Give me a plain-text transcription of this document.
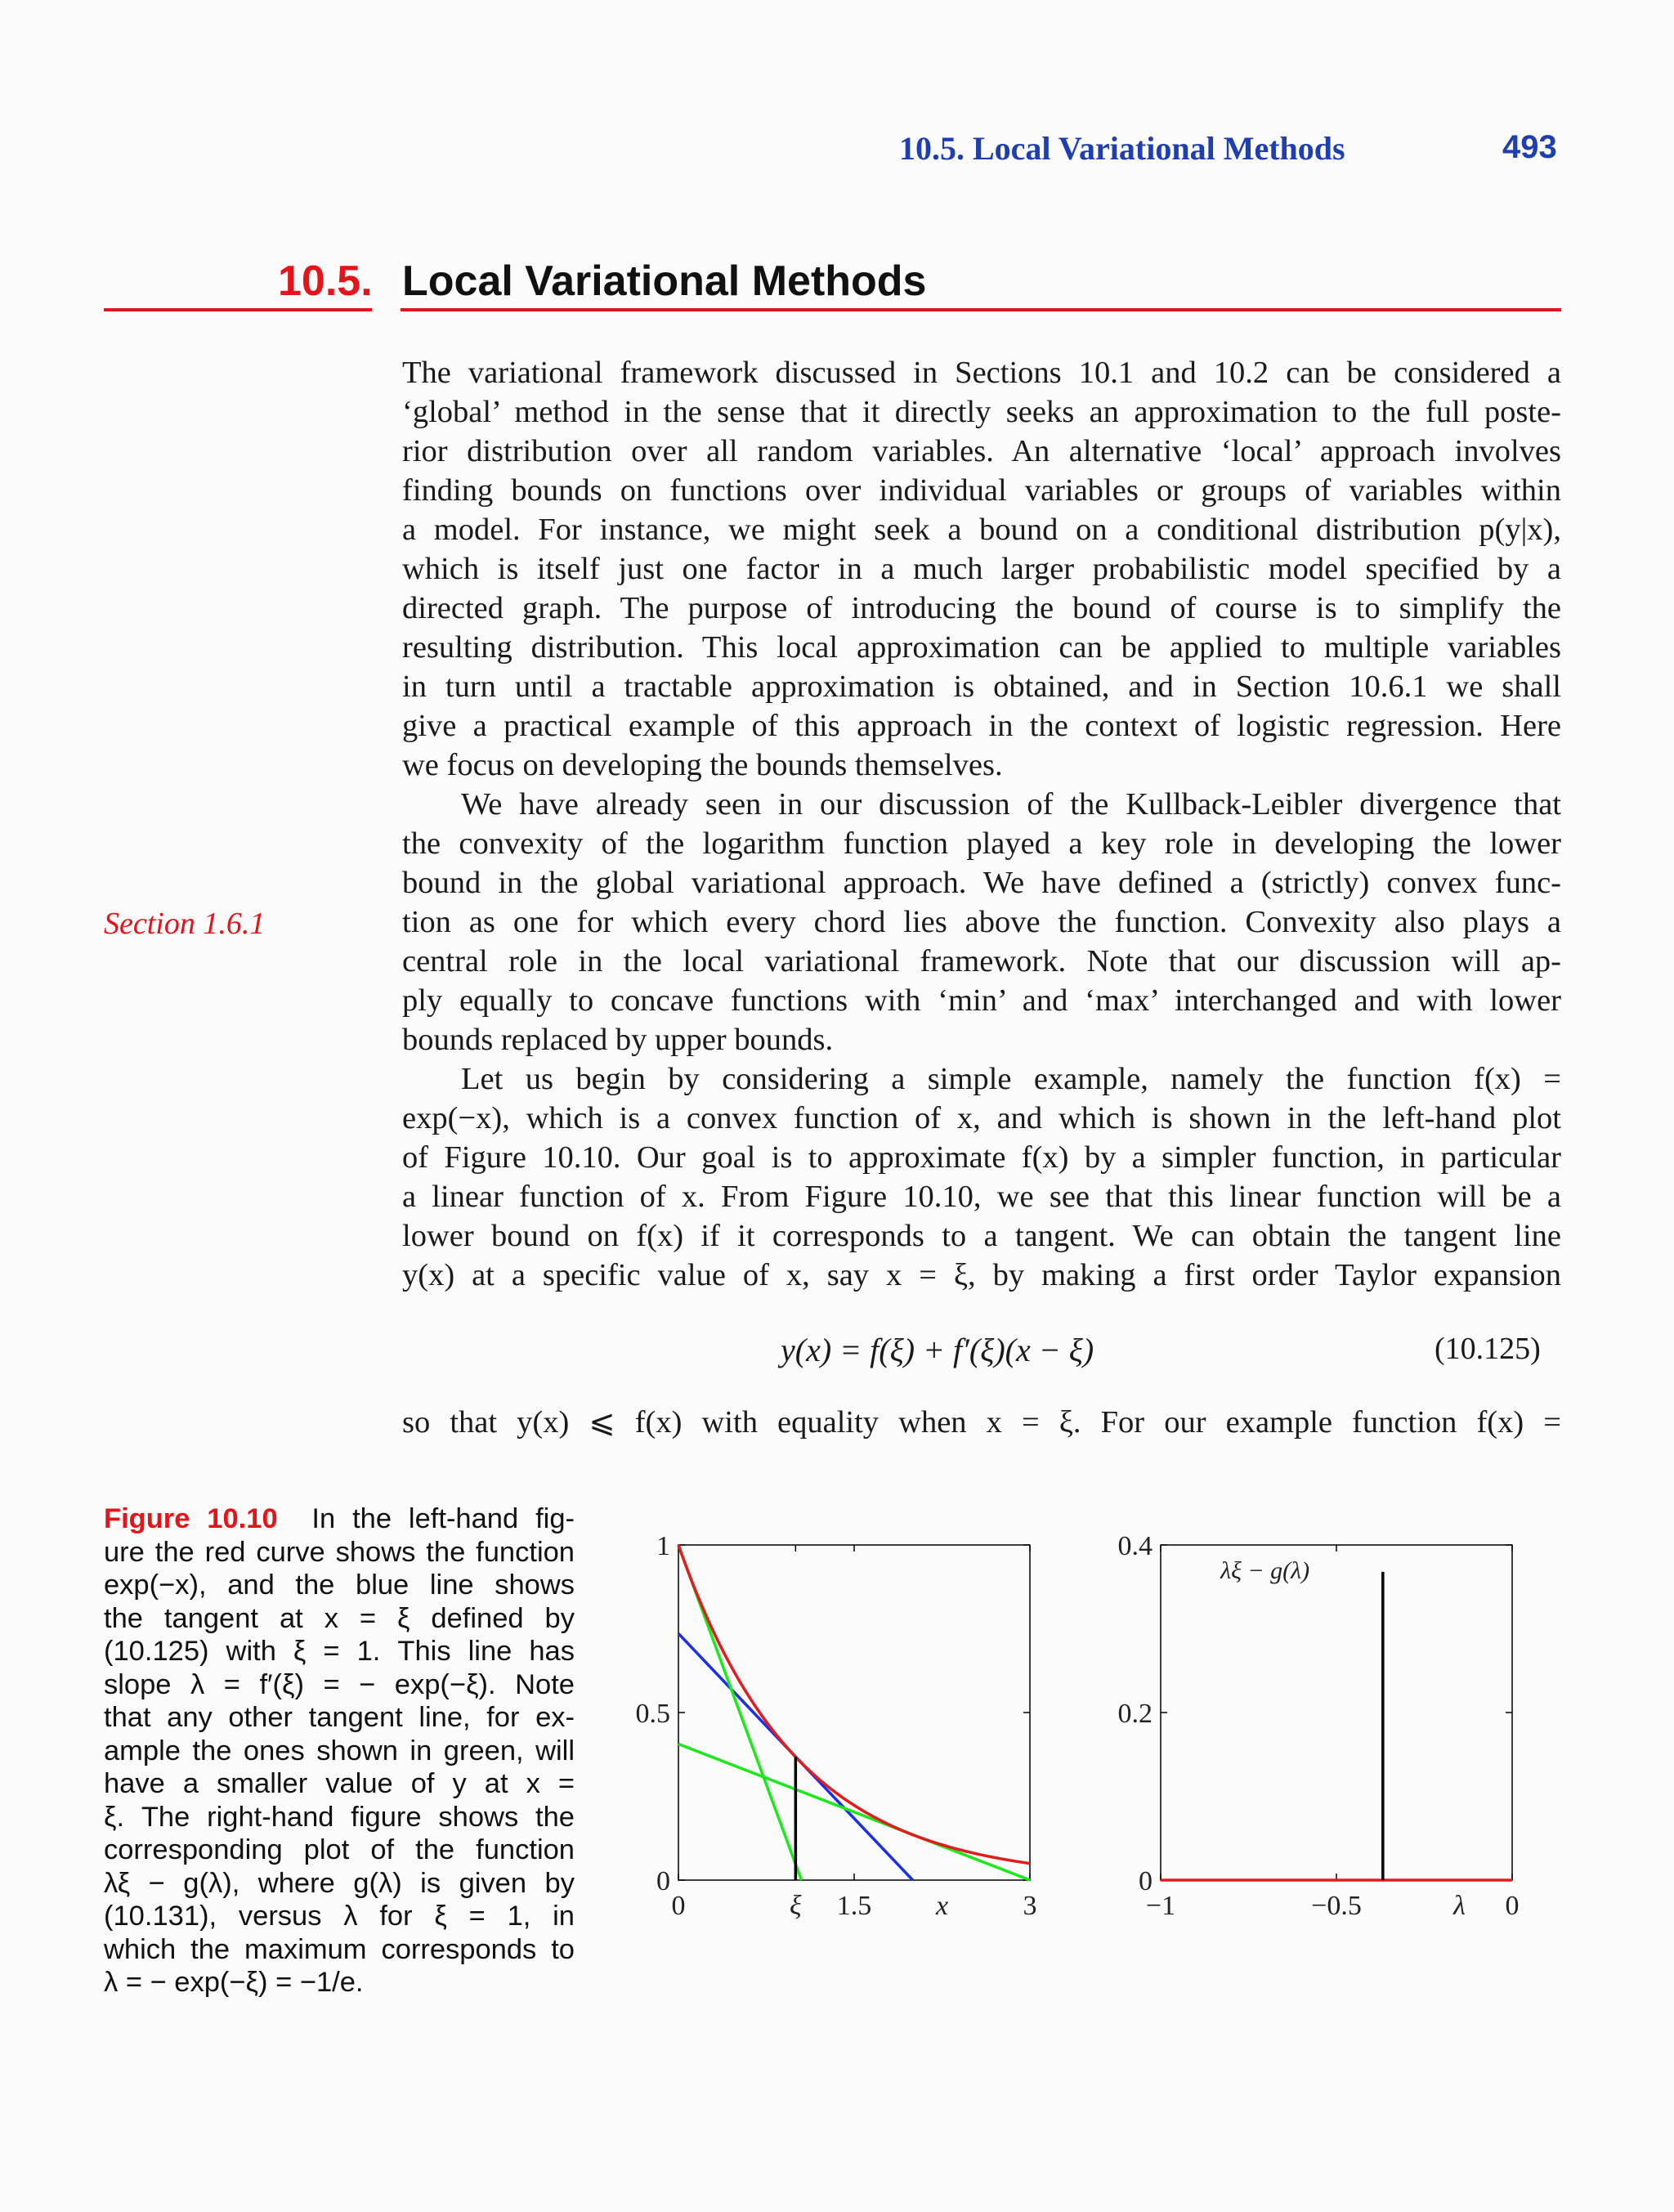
10.5. Local Variational Methods	493
10.5. Local Variational Methods
Section 1.6.1
The variational framework discussed in Sections 10.1 and 10.2 can be considered a
‘global’ method in the sense that it directly seeks an approximation to the full poste-
rior distribution over all random variables. An alternative ‘local’ approach involves
finding bounds on functions over individual variables or groups of variables within
a model. For instance, we might seek a bound on a conditional distribution p(y|x),
which is itself just one factor in a much larger probabilistic model specified by a
directed graph. The purpose of introducing the bound of course is to simplify the
resulting distribution. This local approximation can be applied to multiple variables
in turn until a tractable approximation is obtained, and in Section 10.6.1 we shall
give a practical example of this approach in the context of logistic regression. Here
we focus on developing the bounds themselves.
We have already seen in our discussion of the Kullback-Leibler divergence that
the convexity of the logarithm function played a key role in developing the lower
bound in the global variational approach. We have defined a (strictly) convex func-
tion as one for which every chord lies above the function. Convexity also plays a
central role in the local variational framework. Note that our discussion will ap-
ply equally to concave functions with ‘min’ and ‘max’ interchanged and with lower
bounds replaced by upper bounds.
Let us begin by considering a simple example, namely the function f(x) =
exp(−x), which is a convex function of x, and which is shown in the left-hand plot
of Figure 10.10. Our goal is to approximate f(x) by a simpler function, in particular
a linear function of x. From Figure 10.10, we see that this linear function will be a
lower bound on f(x) if it corresponds to a tangent. We can obtain the tangent line
y(x) at a specific value of x, say x = ξ, by making a first order Taylor expansion
y(x) = f(ξ) + f′(ξ)(x − ξ)	(10.125)
so that y(x) ⩽ f(x) with equality when x = ξ. For our example function f(x) =
Figure 10.10 In the left-hand fig-
ure the red curve shows the function
exp(−x), and the blue line shows
the tangent at x = ξ defined by
(10.125) with ξ = 1. This line has
slope λ = f′(ξ) = − exp(−ξ). Note
that any other tangent line, for ex-
ample the ones shown in green, will
have a smaller value of y at x =
ξ. The right-hand figure shows the
corresponding plot of the function
λξ − g(λ), where g(λ) is given by
(10.131), versus λ for ξ = 1, in
which the maximum corresponds to
λ = − exp(−ξ) = −1/e.
0	ξ 1.5 x	3
0
0.5
1
−1	−0.5	λ 0
0
0.2
0.4
λξ − g(λ)
